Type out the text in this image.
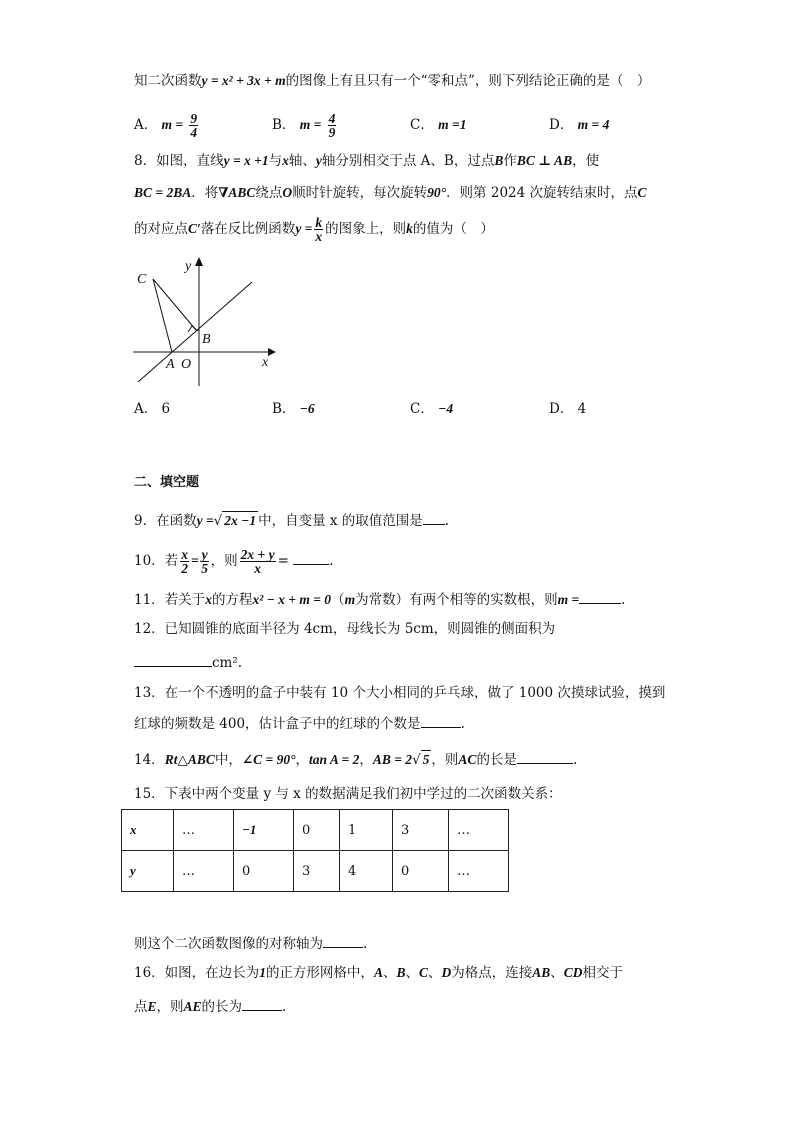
知二次函数y = x² + 3x + m的图像上有且只有一个“零和点”，则下列结论正确的是（　）
A． $m = \frac{9}{4}$	B． $m = \frac{4}{9}$	C． m =1	D． m = 4
8．如图，直线y = x +1与x轴、y轴分别相交于点 A、B，过点B作BC ⊥ AB，使
BC = 2BA．将∇ABC绕点O顺时针旋转，每次旋转90°．则第 2024 次旋转结束时，点C
的对应点C′落在反比例函数$y = \frac{k}{x}$ 的图象上，则k的值为（　）
C
y
B
A O	x
A． 6	B． −6	C． −4	D． 4
二、填空题
9．在函数y =√ 2x −1 中，自变量 x 的取值范围是 .
10．若 $\frac{x}{2} = \frac{y}{5}$ ，则 $\frac{2x + y}{x}$ =	.
11．若关于x的方程x² − x + m = 0（m为常数）有两个相等的实数根，则m =	.
12．已知圆锥的底面半径为 4cm，母线长为 5cm，则圆锥的侧面积为
cm².
13．在一个不透明的盒子中装有 10 个大小相同的乒乓球，做了 1000 次摸球试验，摸到
红球的频数是 400，估计盒子中的红球的个数是	.
14．Rt△ABC中，∠C = 90°，tan A = 2，AB = 2√ 5 ，则AC的长是	.
15．下表中两个变量 y 与 x 的数据满足我们初中学过的二次函数关系：
x	…	−1	0	1	3	…
y	…	0	3	4	0	…
则这个二次函数图像的对称轴为	.
16．如图，在边长为1的正方形网格中，A、B、C、D为格点，连接AB、CD相交于
点E，则AE的长为	.
